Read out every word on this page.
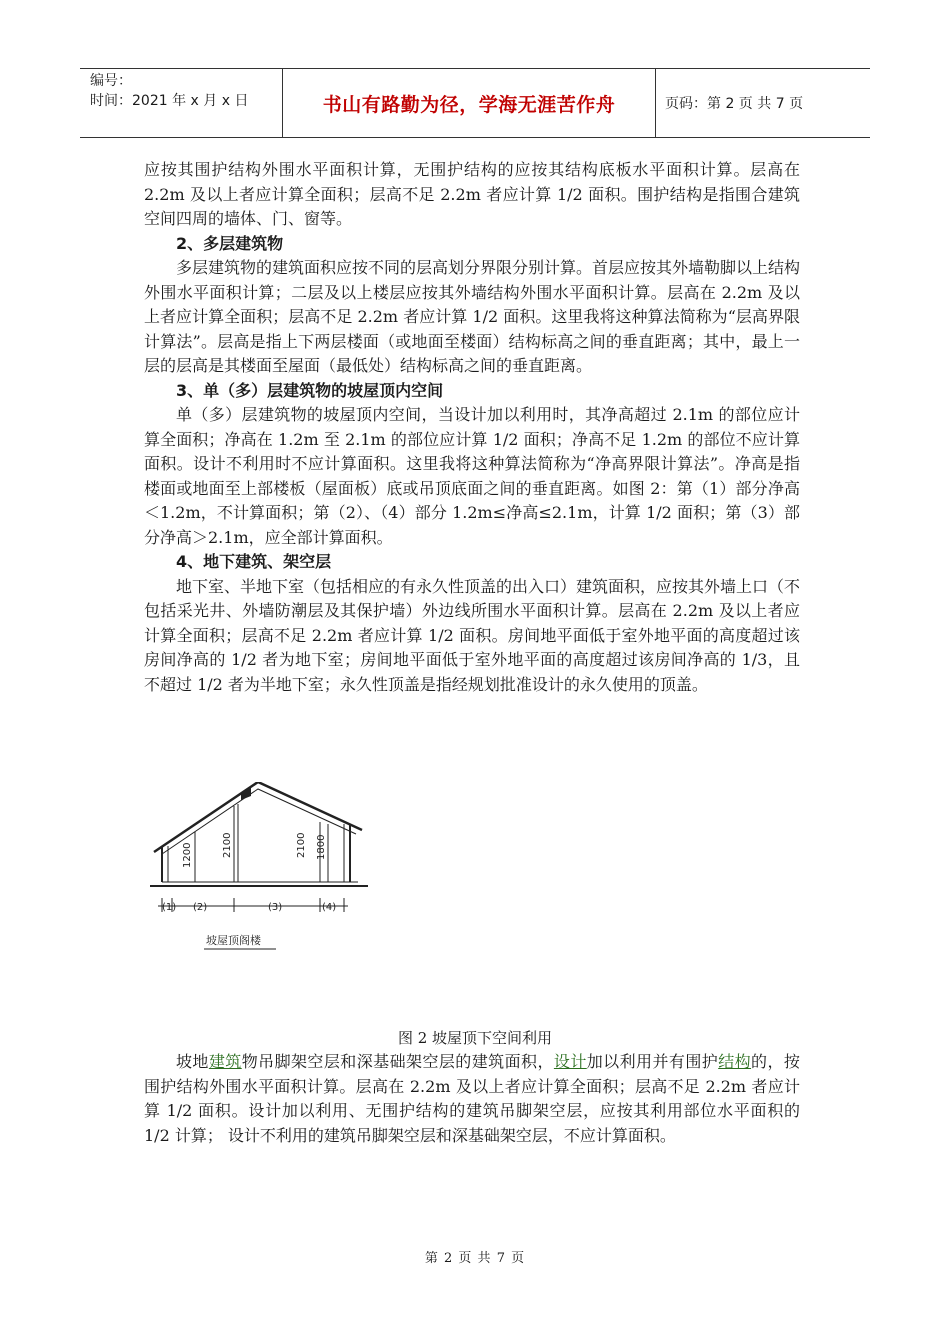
编号：
时间：2021 年 x 月 x 日	书山有路勤为径，学海无涯苦作舟	页码：第 2 页 共 7 页

应按其围护结构外围水平面积计算，无围护结构的应按其结构底板水平面积计算。层高在 2.2m 及以上者应计算全面积；层高不足 2.2m 者应计算 1/2 面积。围护结构是指围合建筑空间四周的墙体、门、窗等。

2、多层建筑物

多层建筑物的建筑面积应按不同的层高划分界限分别计算。首层应按其外墙勒脚以上结构外围水平面积计算；二层及以上楼层应按其外墙结构外围水平面积计算。层高在 2.2m 及以上者应计算全面积；层高不足 2.2m 者应计算 1/2 面积。这里我将这种算法简称为“层高界限计算法”。层高是指上下两层楼面（或地面至楼面）结构标高之间的垂直距离；其中，最上一层的层高是其楼面至屋面（最低处）结构标高之间的垂直距离。

3、单（多）层建筑物的坡屋顶内空间

单（多）层建筑物的坡屋顶内空间，当设计加以利用时，其净高超过 2.1m 的部位应计算全面积；净高在 1.2m 至 2.1m 的部位应计算 1/2 面积；净高不足 1.2m 的部位不应计算面积。设计不利用时不应计算面积。这里我将这种算法简称为“净高界限计算法”。净高是指楼面或地面至上部楼板（屋面板）底或吊顶底面之间的垂直距离。如图 2：第（1）部分净高＜1.2m，不计算面积；第（2）、（4）部分 1.2m≤净高≤2.1m，计算 1/2 面积；第（3）部分净高＞2.1m，应全部计算面积。

4、地下建筑、架空层

地下室、半地下室（包括相应的有永久性顶盖的出入口）建筑面积，应按其外墙上口（不包括采光井、外墙防潮层及其保护墙）外边线所围水平面积计算。层高在 2.2m 及以上者应计算全面积；层高不足 2.2m 者应计算 1/2 面积。房间地平面低于室外地平面的高度超过该房间净高的 1/2 者为地下室；房间地平面低于室外地平面的高度超过该房间净高的 1/3，且不超过 1/2 者为半地下室；永久性顶盖是指经规划批准设计的永久使用的顶盖。

1200	2100	2100 1800
(1) (2)	(3)	(4)
坡屋顶阁楼
图 2 坡屋顶下空间利用

坡地建筑物吊脚架空层和深基础架空层的建筑面积，设计加以利用并有围护结构的，按围护结构外围水平面积计算。层高在 2.2m 及以上者应计算全面积；层高不足 2.2m 者应计算 1/2 面积。设计加以利用、无围护结构的建筑吊脚架空层，应按其利用部位水平面积的 1/2 计算； 设计不利用的建筑吊脚架空层和深基础架空层，不应计算面积。

第 2 页 共 7 页
